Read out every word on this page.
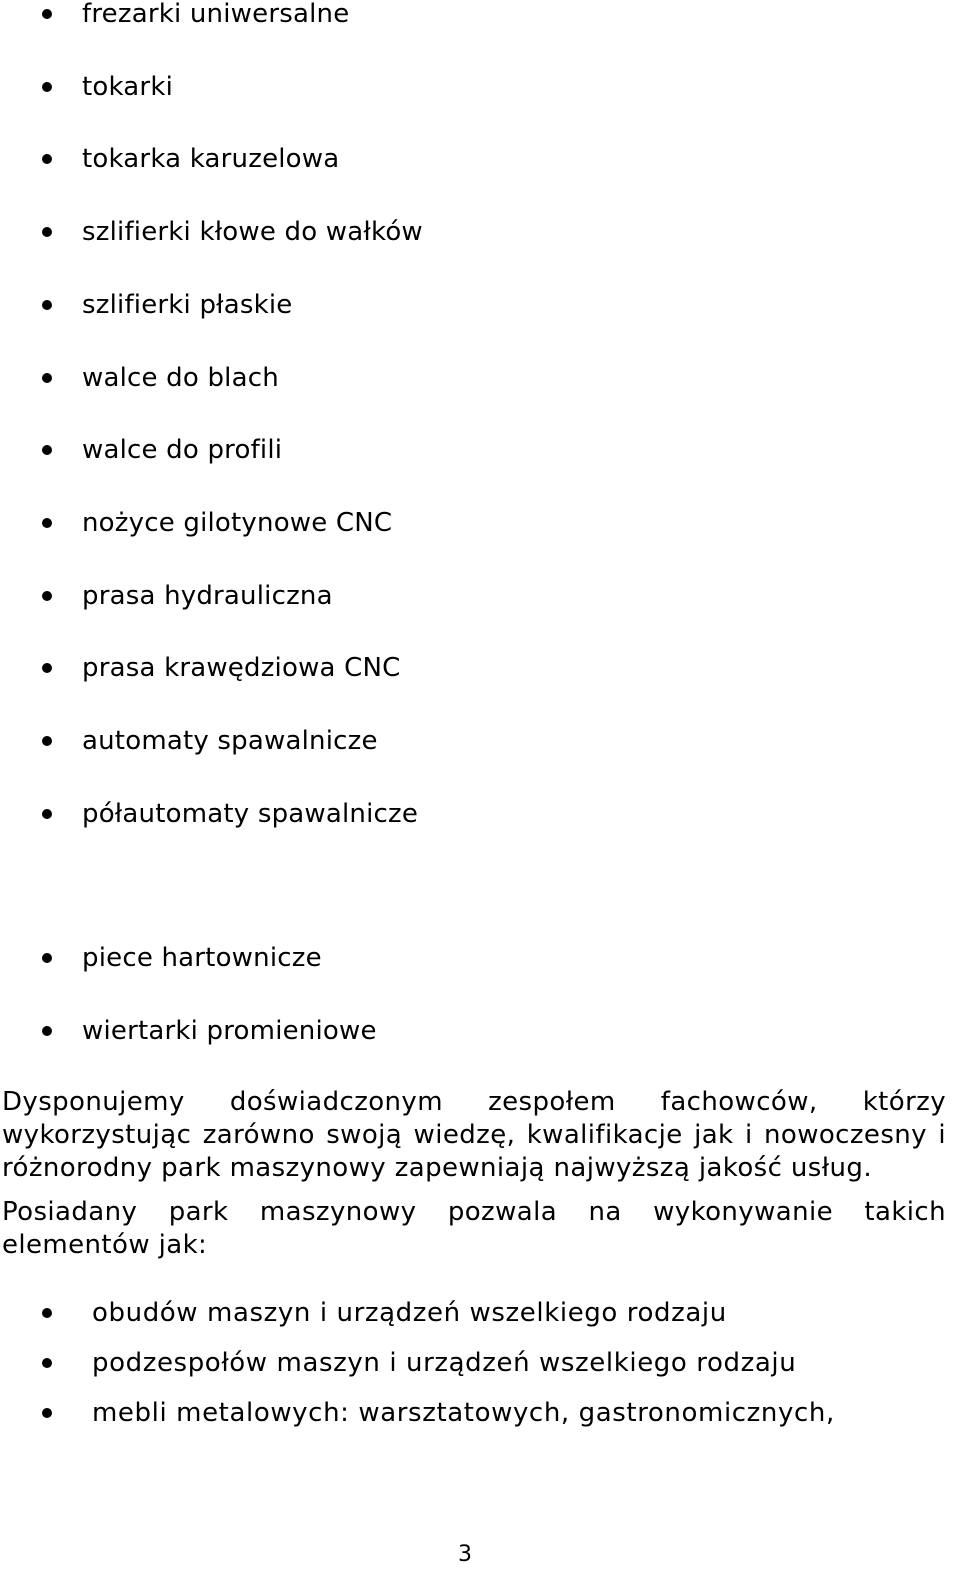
frezarki uniwersalne
tokarki
tokarka karuzelowa
szlifierki kłowe do wałków
szlifierki płaskie
walce do blach
walce do profili
nożyce gilotynowe CNC
prasa hydrauliczna
prasa krawędziowa CNC
automaty spawalnicze
półautomaty spawalnicze
piece hartownicze
wiertarki promieniowe
Dysponujemy doświadczonym zespołem fachowców, którzy wykorzystując zarówno swoją wiedzę, kwalifikacje jak i nowoczesny i różnorodny park maszynowy zapewniają najwyższą jakość usług.
Posiadany park maszynowy pozwala na wykonywanie takich elementów jak:
obudów maszyn i urządzeń wszelkiego rodzaju
podzespołów maszyn i urządzeń wszelkiego rodzaju
mebli metalowych: warsztatowych, gastronomicznych,
3
